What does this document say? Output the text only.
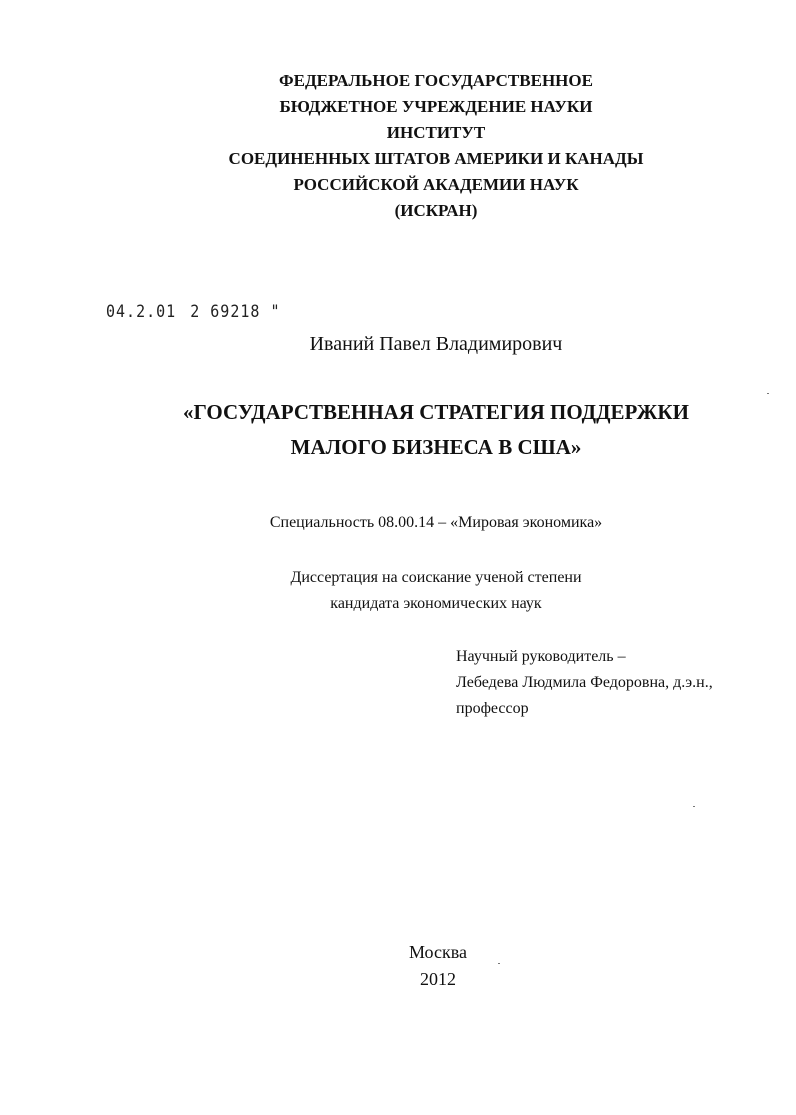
ФЕДЕРАЛЬНОЕ ГОСУДАРСТВЕННОЕ
БЮДЖЕТНОЕ УЧРЕЖДЕНИЕ НАУКИ
ИНСТИТУТ
СОЕДИНЕННЫХ ШТАТОВ АМЕРИКИ И КАНАДЫ
РОССИЙСКОЙ АКАДЕМИИ НАУК
(ИСКРАН)
04.2.01 2 69218 "
Иваний Павел Владимирович
«ГОСУДАРСТВЕННАЯ СТРАТЕГИЯ ПОДДЕРЖКИ
МАЛОГО БИЗНЕСА В США»
Специальность 08.00.14 – «Мировая экономика»
Диссертация на соискание ученой степени
кандидата экономических наук
Научный руководитель –
Лебедева Людмила Федоровна, д.э.н.,
профессор
Москва
2012
